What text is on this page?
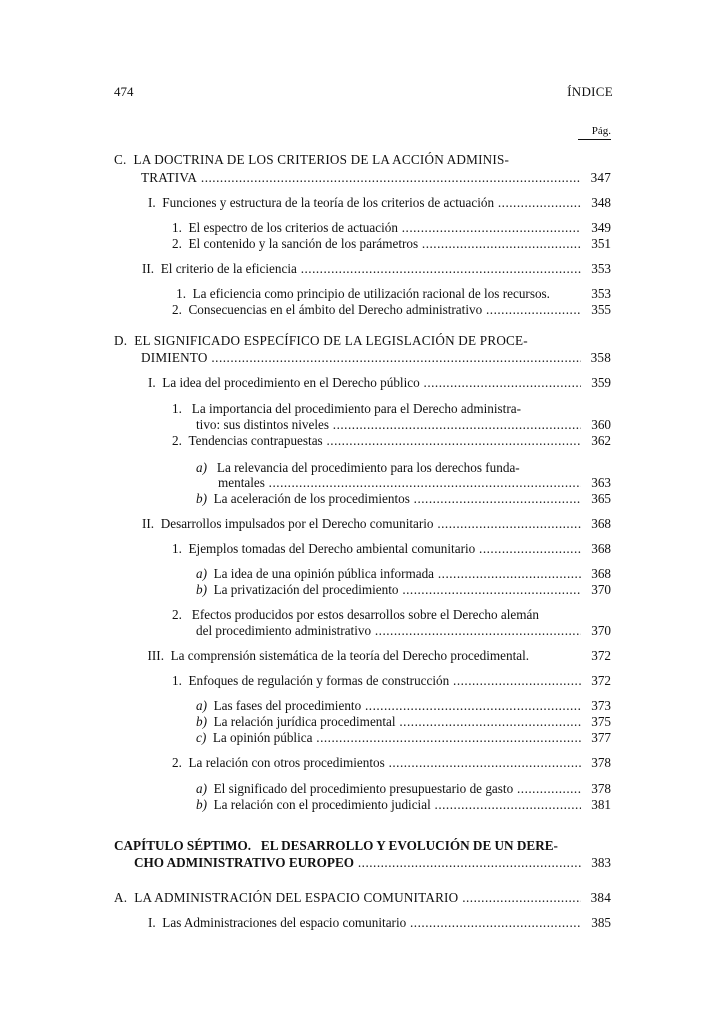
474	ÍNDICE
Pág.
C. LA DOCTRINA DE LOS CRITERIOS DE LA ACCIÓN ADMINIS-
TRATIVA .....	347
I.
Funciones y estructura de la teoría de los criterios de actuación .....	348
1.
El espectro de los criterios de actuación .....	349
2.
El contenido y la sanción de los parámetros .....	351
II.
El criterio de la eficiencia .....	353
1.
La eficiencia como principio de utilización racional de los recursos.	353
2.
Consecuencias en el ámbito del Derecho administrativo .....	355
D. EL SIGNIFICADO ESPECÍFICO DE LA LEGISLACIÓN DE PROCE-
DIMIENTO .....	358
I.
La idea del procedimiento en el Derecho público .....	359
1. La importancia del procedimiento para el Derecho administra-
tivo: sus distintos niveles .....	360
2.
Tendencias contrapuestas .....	362
a) La relevancia del procedimiento para los derechos funda-
mentales .....	363
b)
La aceleración de los procedimientos .....	365
II.
Desarrollos impulsados por el Derecho comunitario .....	368
1.
Ejemplos tomadas del Derecho ambiental comunitario .....	368
a)
La idea de una opinión pública informada .....	368
b)
La privatización del procedimiento .....	370
2. Efectos producidos por estos desarrollos sobre el Derecho alemán
del procedimiento administrativo .....	370
III.
La comprensión sistemática de la teoría del Derecho procedimental.	372
1.
Enfoques de regulación y formas de construcción .....	372
a)
Las fases del procedimiento .....	373
b)
La relación jurídica procedimental .....	375
c)
La opinión pública .....	377
2.
La relación con otros procedimientos .....	378
a)
El significado del procedimiento presupuestario de gasto .....	378
b)
La relación con el procedimiento judicial .....	381
CAPÍTULO SÉPTIMO. EL DESARROLLO Y EVOLUCIÓN DE UN DERE-
CHO ADMINISTRATIVO EUROPEO .....	383
A.
LA ADMINISTRACIÓN DEL ESPACIO COMUNITARIO .....	384
I.
Las Administraciones del espacio comunitario .....	385
